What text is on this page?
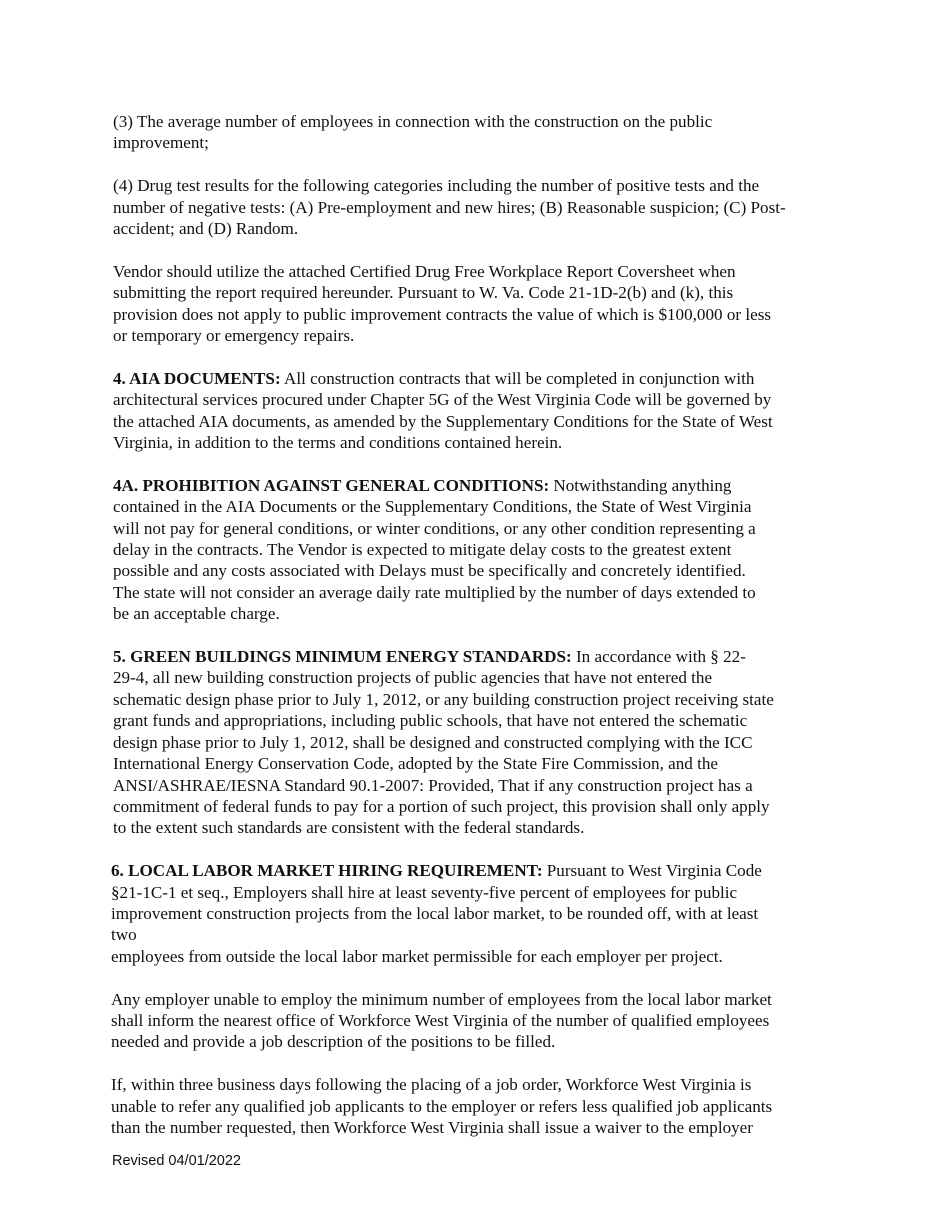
(3) The average number of employees in connection with the construction on the public
improvement;

(4) Drug test results for the following categories including the number of positive tests and the
number of negative tests: (A) Pre-employment and new hires; (B) Reasonable suspicion; (C) Post-
accident; and (D) Random.

Vendor should utilize the attached Certified Drug Free Workplace Report Coversheet when
submitting the report required hereunder. Pursuant to W. Va. Code 21-1D-2(b) and (k), this
provision does not apply to public improvement contracts the value of which is $100,000 or less
or temporary or emergency repairs.

4. AIA DOCUMENTS: All construction contracts that will be completed in conjunction with
architectural services procured under Chapter 5G of the West Virginia Code will be governed by
the attached AIA documents, as amended by the Supplementary Conditions for the State of West
Virginia, in addition to the terms and conditions contained herein.

4A. PROHIBITION AGAINST GENERAL CONDITIONS: Notwithstanding anything
contained in the AIA Documents or the Supplementary Conditions, the State of West Virginia
will not pay for general conditions, or winter conditions, or any other condition representing a
delay in the contracts. The Vendor is expected to mitigate delay costs to the greatest extent
possible and any costs associated with Delays must be specifically and concretely identified.
The state will not consider an average daily rate multiplied by the number of days extended to
be an acceptable charge.

5. GREEN BUILDINGS MINIMUM ENERGY STANDARDS: In accordance with § 22-
29-4, all new building construction projects of public agencies that have not entered the
schematic design phase prior to July 1, 2012, or any building construction project receiving state
grant funds and appropriations, including public schools, that have not entered the schematic
design phase prior to July 1, 2012, shall be designed and constructed complying with the ICC
International Energy Conservation Code, adopted by the State Fire Commission, and the
ANSI/ASHRAE/IESNA Standard 90.1-2007: Provided, That if any construction project has a
commitment of federal funds to pay for a portion of such project, this provision shall only apply
to the extent such standards are consistent with the federal standards.

6. LOCAL LABOR MARKET HIRING REQUIREMENT: Pursuant to West Virginia Code
§21-1C-1 et seq., Employers shall hire at least seventy-five percent of employees for public
improvement construction projects from the local labor market, to be rounded off, with at least
two
employees from outside the local labor market permissible for each employer per project.

Any employer unable to employ the minimum number of employees from the local labor market
shall inform the nearest office of Workforce West Virginia of the number of qualified employees
needed and provide a job description of the positions to be filled.

If, within three business days following the placing of a job order, Workforce West Virginia is
unable to refer any qualified job applicants to the employer or refers less qualified job applicants
than the number requested, then Workforce West Virginia shall issue a waiver to the employer

Revised 04/01/2022
